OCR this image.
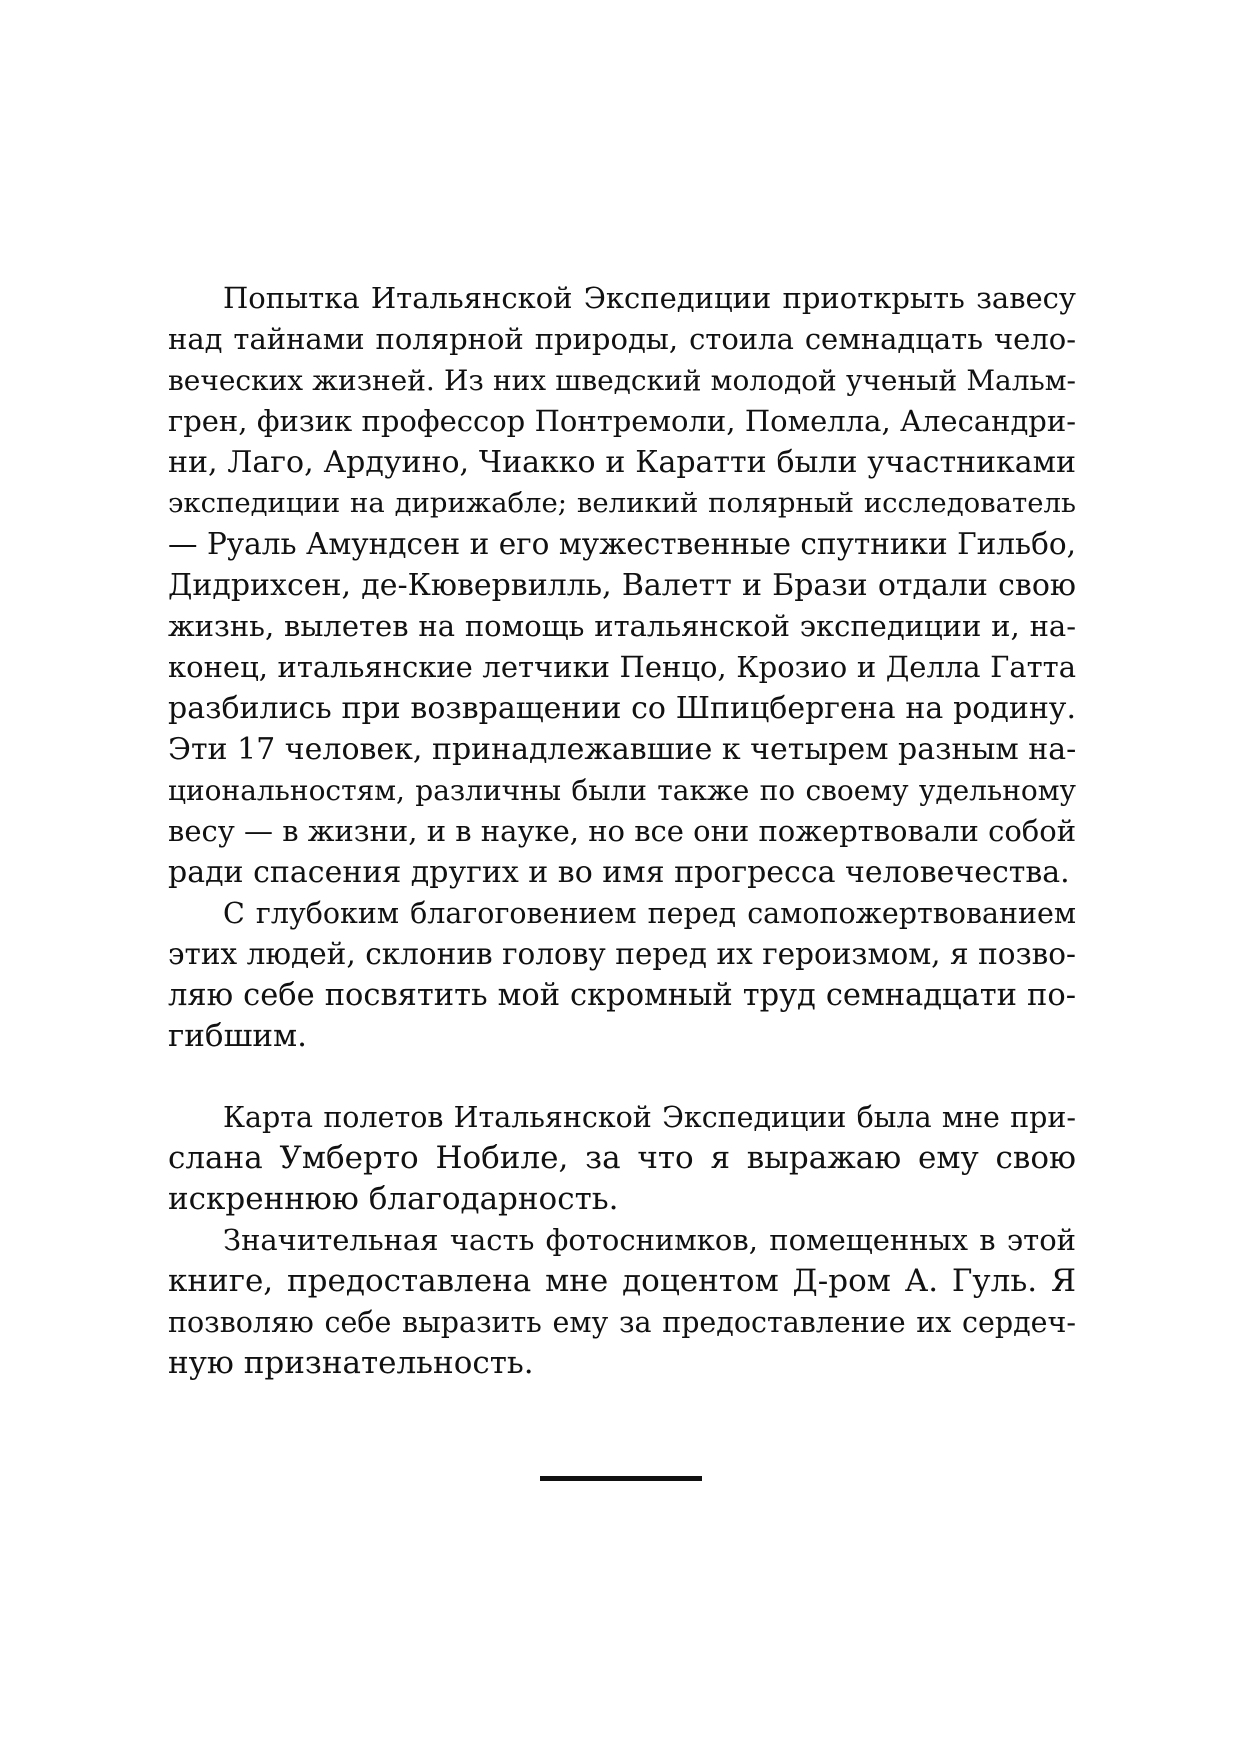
Попытка Итальянской Экспедиции приоткрыть завесу
над тайнами полярной природы, стоила семнадцать чело-
веческих жизней. Из них шведский молодой ученый Мальм-
грен, физик профессор Понтремоли, Помелла, Алесандри-
ни, Лаго, Ардуино, Чиакко и Каратти были участниками
экспедиции на дирижабле; великий полярный исследователь
— Руаль Амундсен и его мужественные спутники Гильбо,
Дидрихсен, де-Кювервилль, Валетт и Брази отдали свою
жизнь, вылетев на помощь итальянской экспедиции и, на-
конец, итальянские летчики Пенцо, Крозио и Делла Гатта
разбились при возвращении со Шпицбергена на родину.
Эти 17 человек, принадлежавшие к четырем разным на-
циональностям, различны были также по своему удельному
весу — в жизни, и в науке, но все они пожертвовали собой
ради спасения других и во имя прогресса человечества.
С глубоким благоговением перед самопожертвованием
этих людей, склонив голову перед их героизмом, я позво-
ляю себе посвятить мой скромный труд семнадцати по-
гибшим.
Карта полетов Итальянской Экспедиции была мне при-
слана Умберто Нобиле, за что я выражаю ему свою
искреннюю благодарность.
Значительная часть фотоснимков, помещенных в этой
книге, предоставлена мне доцентом Д-ром А. Гуль. Я
позволяю себе выразить ему за предоставление их сердеч-
ную признательность.
